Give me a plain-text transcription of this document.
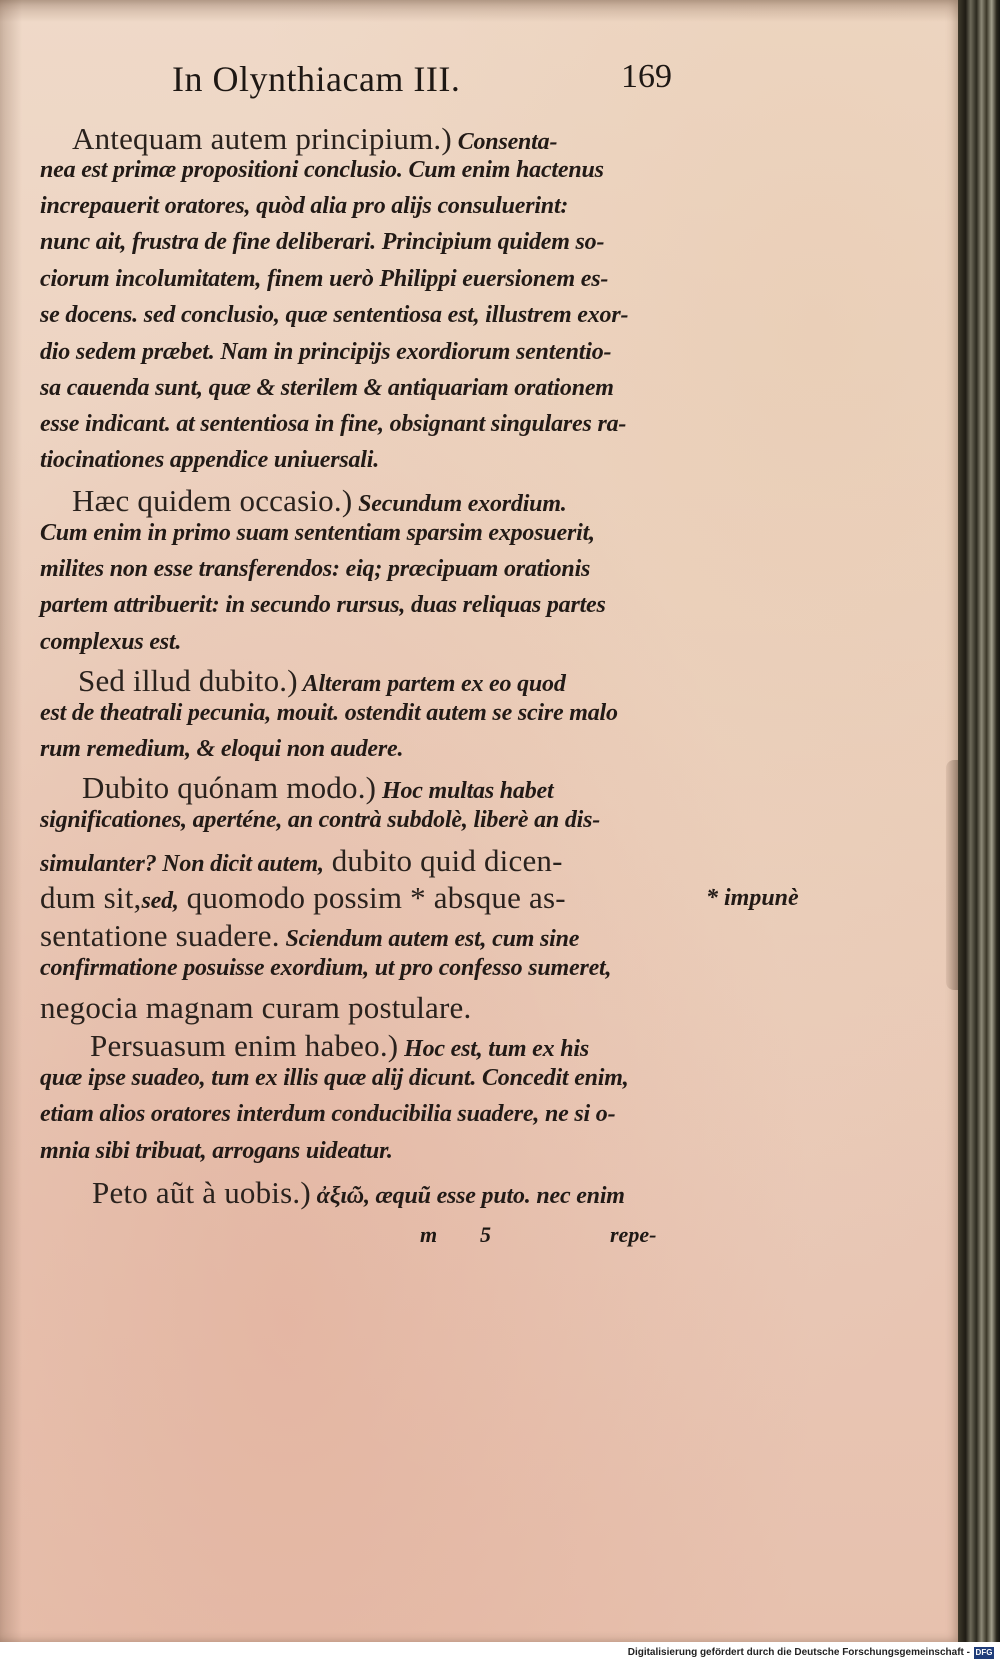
In Olynthiacam III.	169
Antequam autem principium.) Consenta-
nea est primæ propositioni conclusio. Cum enim hactenus
increpauerit oratores, quòd alia pro alijs consuluerint:
nunc ait, frustra de fine deliberari. Principium quidem so-
ciorum incolumitatem, finem uerò Philippi euersionem es-
se docens. sed conclusio, quæ sententiosa est, illustrem exor-
dio sedem præbet. Nam in principijs exordiorum sententio-
sa cauenda sunt, quæ & sterilem & antiquariam orationem
esse indicant. at sententiosa in fine, obsignant singulares ra-
tiocinationes appendice uniuersali.
Hæc quidem occasio.) Secundum exordium.
Cum enim in primo suam sententiam sparsim exposuerit,
milites non esse transferendos: eiq; præcipuam orationis
partem attribuerit: in secundo rursus, duas reliquas partes
complexus est.
Sed illud dubito.) Alteram partem ex eo quod
est de theatrali pecunia, mouit. ostendit autem se scire malo
rum remedium, & eloqui non audere.
Dubito quónam modo.) Hoc multas habet
significationes, aperténe, an contrà subdolè, liberè an dis-
simulanter? Non dicit autem, dubito quid dicen-
dum sit,sed, quomodo possim * absque as-
sentatione suadere. Sciendum autem est, cum sine
confirmatione posuisse exordium, ut pro confesso sumeret,
negocia magnam curam postulare.
Persuasum enim habeo.) Hoc est, tum ex his
quæ ipse suadeo, tum ex illis quæ alij dicunt. Concedit enim,
etiam alios oratores interdum conducibilia suadere, ne si o-
mnia sibi tribuat, arrogans uideatur.
Peto aũt à uobis.) ἀξιῶ, æquũ esse puto. nec enim
* impunè
m 5	repe-
Digitalisierung gefördert durch die Deutsche Forschungsgemeinschaft - DFG
